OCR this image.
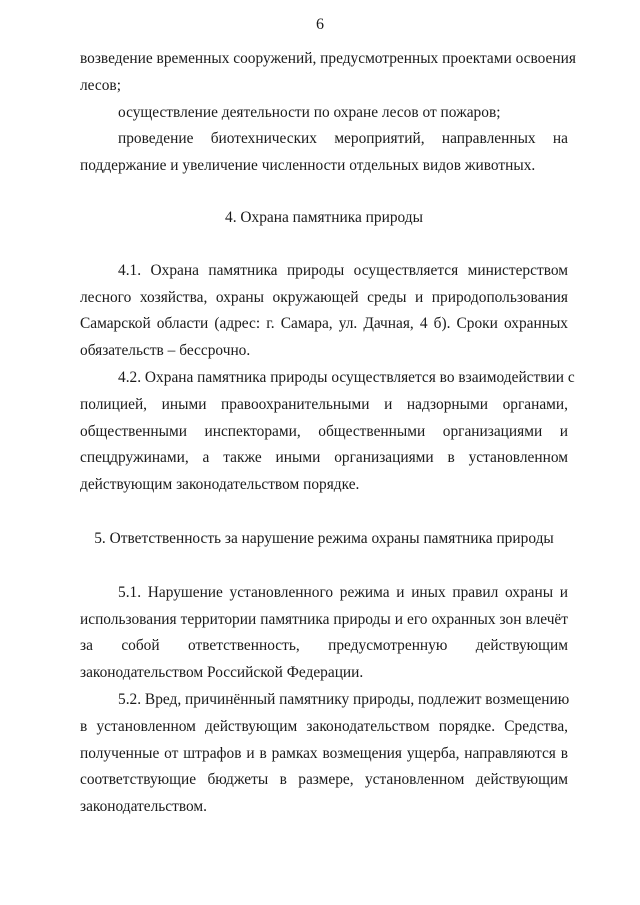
6
возведение временных сооружений, предусмотренных проектами освоения
лесов;
осуществление деятельности по охране лесов от пожаров;
проведение биотехнических мероприятий, направленных на
поддержание и увеличение численности отдельных видов животных.
4. Охрана памятника природы
4.1. Охрана памятника природы осуществляется министерством
лесного хозяйства, охраны окружающей среды и природопользования
Самарской области (адрес: г. Самара, ул. Дачная, 4 б). Сроки охранных
обязательств – бессрочно.
4.2. Охрана памятника природы осуществляется во взаимодействии с
полицией, иными правоохранительными и надзорными органами,
общественными инспекторами, общественными организациями и
спецдружинами, а также иными организациями в установленном
действующим законодательством порядке.
5. Ответственность за нарушение режима охраны памятника природы
5.1. Нарушение установленного режима и иных правил охраны и
использования территории памятника природы и его охранных зон влечёт
за собой ответственность, предусмотренную действующим
законодательством Российской Федерации.
5.2. Вред, причинённый памятнику природы, подлежит возмещению
в установленном действующим законодательством порядке. Средства,
полученные от штрафов и в рамках возмещения ущерба, направляются в
соответствующие бюджеты в размере, установленном действующим
законодательством.
